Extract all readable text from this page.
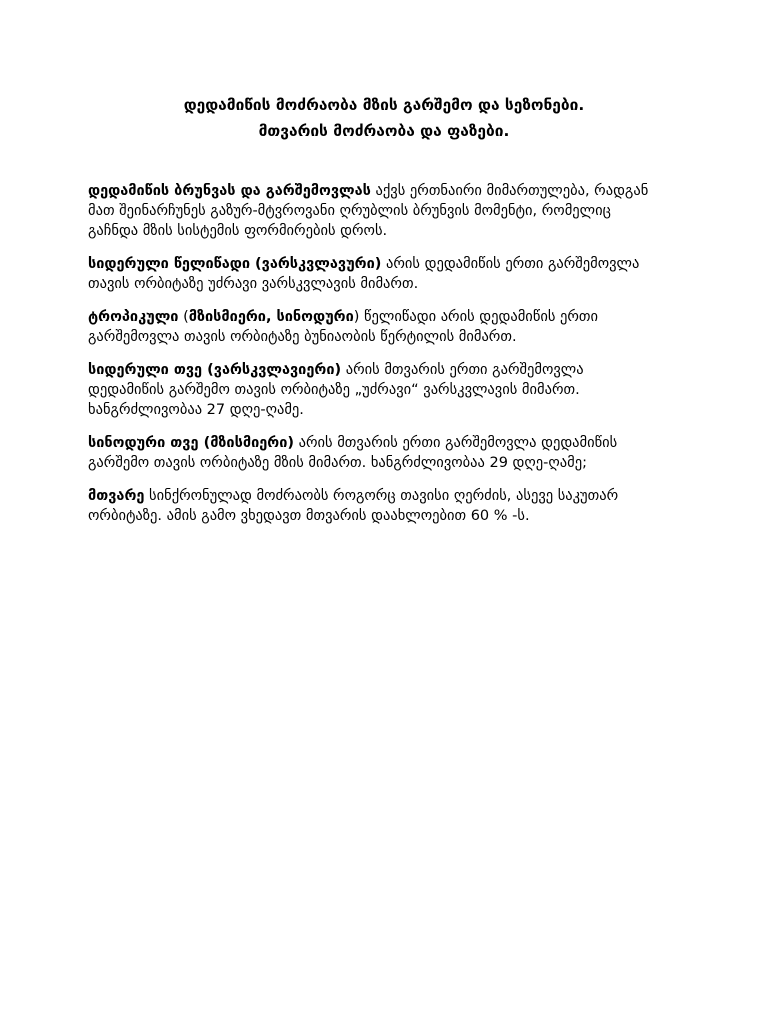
დედამიწის მოძრაობა მზის გარშემო და სეზონები.
მთვარის მოძრაობა და ფაზები.
დედამიწის ბრუნვას და გარშემოვლას აქვს ერთნაირი მიმართულება, რადგან
მათ შეინარჩუნეს გაზურ-მტვროვანი ღრუბლის ბრუნვის მომენტი, რომელიც
გაჩნდა მზის სისტემის ფორმირების დროს.
სიდერული წელიწადი (ვარსკვლავური) არის დედამიწის ერთი გარშემოვლა
თავის ორბიტაზე უძრავი ვარსკვლავის მიმართ.
ტროპიკული (მზისმიერი, სინოდური) წელიწადი არის დედამიწის ერთი
გარშემოვლა თავის ორბიტაზე ბუნიაობის წერტილის მიმართ.
სიდერული თვე (ვარსკვლავიერი) არის მთვარის ერთი გარშემოვლა
დედამიწის გარშემო თავის ორბიტაზე „უძრავი“ ვარსკვლავის მიმართ.
ხანგრძლივობაა 27 დღე-ღამე.
სინოდური თვე (მზისმიერი) არის მთვარის ერთი გარშემოვლა დედამიწის
გარშემო თავის ორბიტაზე მზის მიმართ. ხანგრძლივობაა 29 დღე-ღამე;
მთვარე სინქრონულად მოძრაობს როგორც თავისი ღერძის, ასევე საკუთარ
ორბიტაზე. ამის გამო ვხედავთ მთვარის დაახლოებით 60 % -ს.
